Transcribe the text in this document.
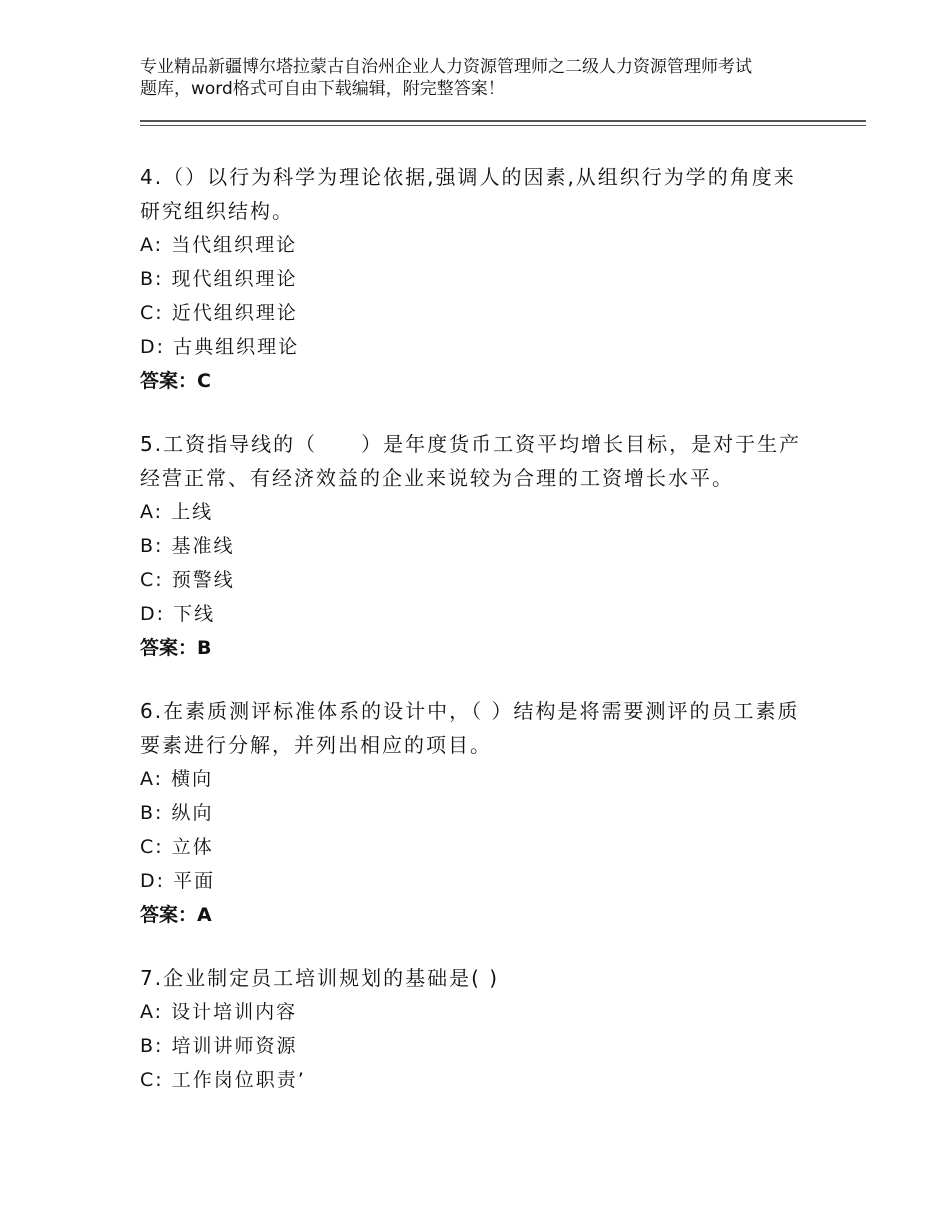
专业精品新疆博尔塔拉蒙古自治州企业人力资源管理师之二级人力资源管理师考试
题库，word格式可自由下载编辑，附完整答案！
4.（）以行为科学为理论依据,强调人的因素,从组织行为学的角度来
研究组织结构。
A: 当代组织理论
B: 现代组织理论
C: 近代组织理论
D: 古典组织理论
答案：C
5.工资指导线的（　　）是年度货币工资平均增长目标，是对于生产
经营正常、有经济效益的企业来说较为合理的工资增长水平。
A: 上线
B: 基准线
C: 预警线
D: 下线
答案：B
6.在素质测评标准体系的设计中，（ ）结构是将需要测评的员工素质
要素进行分解，并列出相应的项目。
A: 横向
B: 纵向
C: 立体
D: 平面
答案：A
7.企业制定员工培训规划的基础是( )
A: 设计培训内容
B: 培训讲师资源
C: 工作岗位职责’
